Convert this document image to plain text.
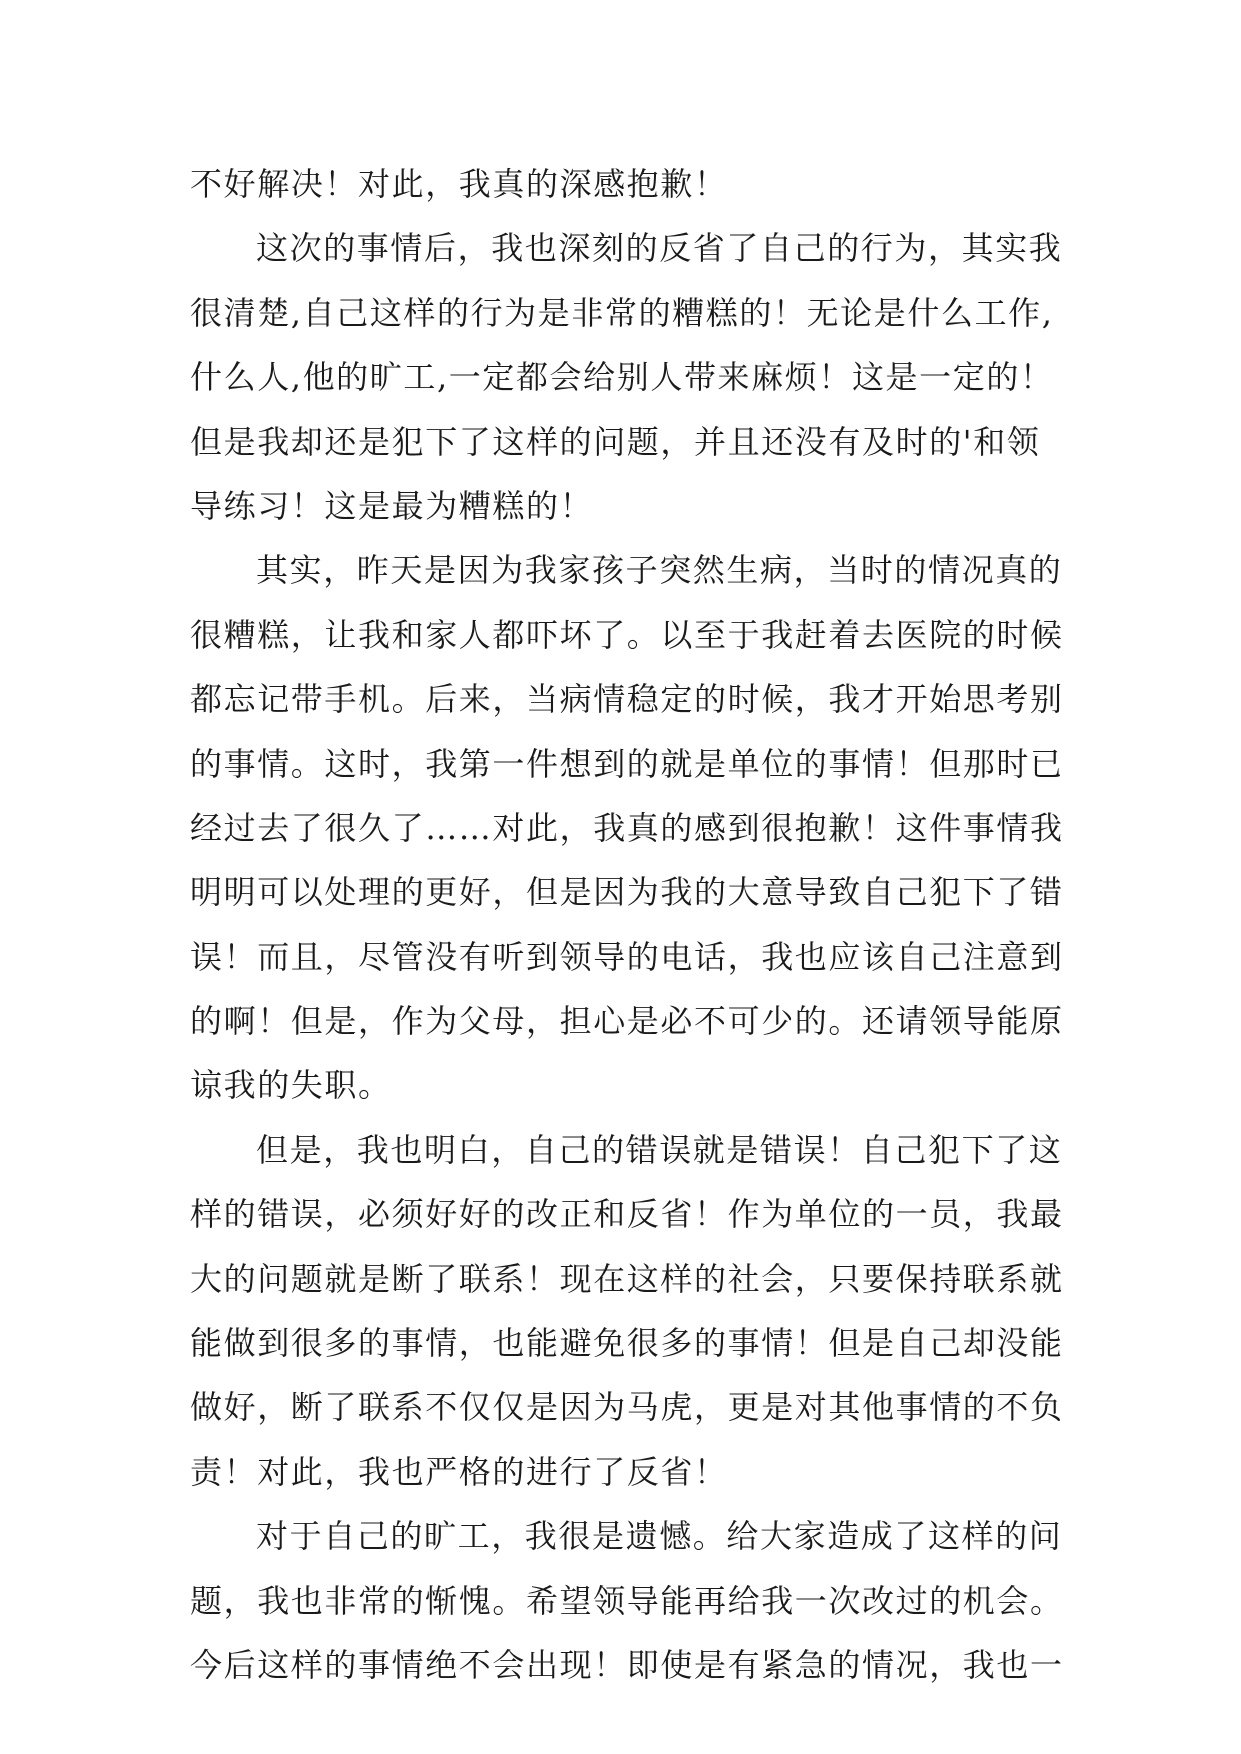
不好解决！对此，我真的深感抱歉！
这次的事情后，我也深刻的反省了自己的行为，其实我
很清楚,自己这样的行为是非常的糟糕的！无论是什么工作,
什么人,他的旷工,一定都会给别人带来麻烦！这是一定的！
但是我却还是犯下了这样的问题，并且还没有及时的'和领
导练习！这是最为糟糕的！
其实，昨天是因为我家孩子突然生病，当时的情况真的
很糟糕，让我和家人都吓坏了。以至于我赶着去医院的时候
都忘记带手机。后来，当病情稳定的时候，我才开始思考别
的事情。这时，我第一件想到的就是单位的事情！但那时已
经过去了很久了……对此，我真的感到很抱歉！这件事情我
明明可以处理的更好，但是因为我的大意导致自己犯下了错
误！而且，尽管没有听到领导的电话，我也应该自己注意到
的啊！但是，作为父母，担心是必不可少的。还请领导能原
谅我的失职。
但是，我也明白，自己的错误就是错误！自己犯下了这
样的错误，必须好好的改正和反省！作为单位的一员，我最
大的问题就是断了联系！现在这样的社会，只要保持联系就
能做到很多的事情，也能避免很多的事情！但是自己却没能
做好，断了联系不仅仅是因为马虎，更是对其他事情的不负
责！对此，我也严格的进行了反省！
对于自己的旷工，我很是遗憾。给大家造成了这样的问
题，我也非常的惭愧。希望领导能再给我一次改过的机会。
今后这样的事情绝不会出现！即使是有紧急的情况，我也一
